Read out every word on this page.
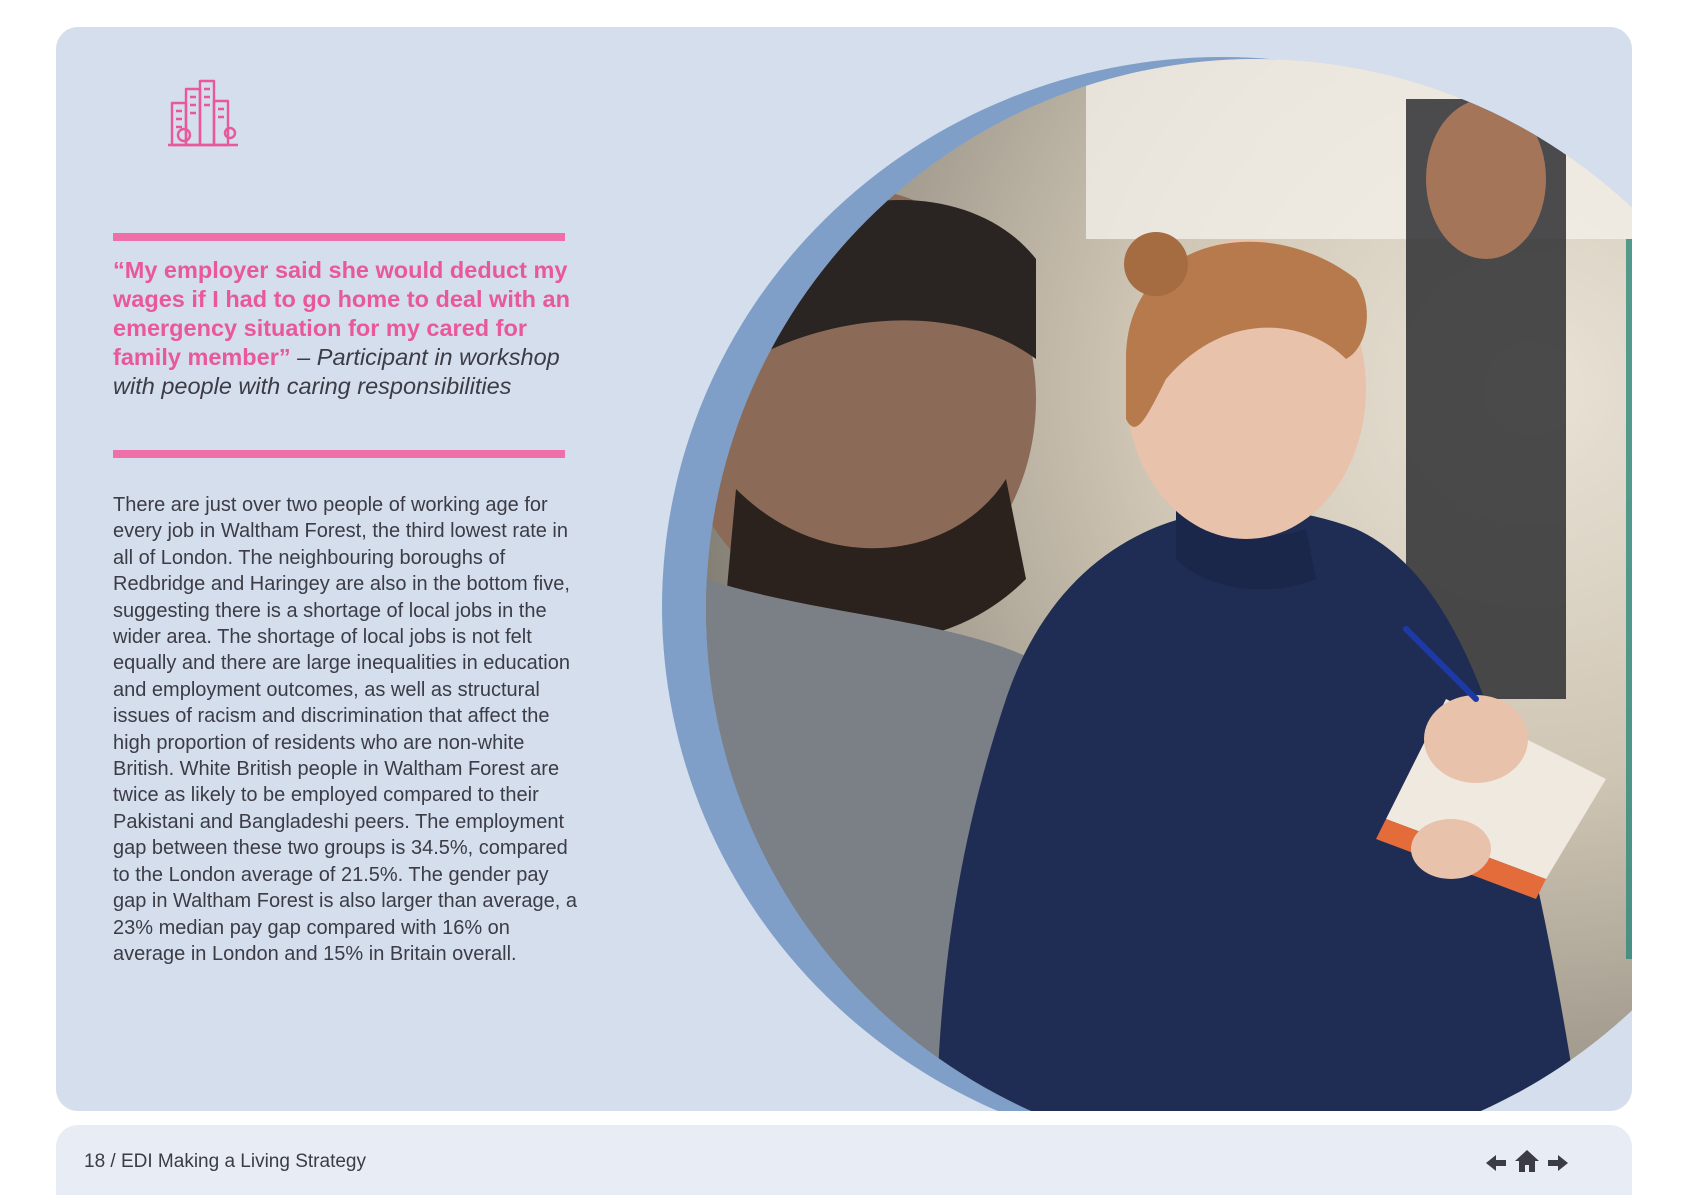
“My employer said she would deduct my wages if I had to go home to deal with an emergency situation for my cared for family member” – Participant in workshop with people with caring responsibilities

There are just over two people of working age for every job in Waltham Forest, the third lowest rate in all of London. The neighbouring boroughs of Redbridge and Haringey are also in the bottom five, suggesting there is a shortage of local jobs in the wider area. The shortage of local jobs is not felt equally and there are large inequalities in education and employment outcomes, as well as structural issues of racism and discrimination that affect the high proportion of residents who are non-white British. White British people in Waltham Forest are twice as likely to be employed compared to their Pakistani and Bangladeshi peers. The employment gap between these two groups is 34.5%, compared to the London average of 21.5%. The gender pay gap in Waltham Forest is also larger than average, a 23% median pay gap compared with 16% on average in London and 15% in Britain overall.

18 / EDI Making a Living Strategy
